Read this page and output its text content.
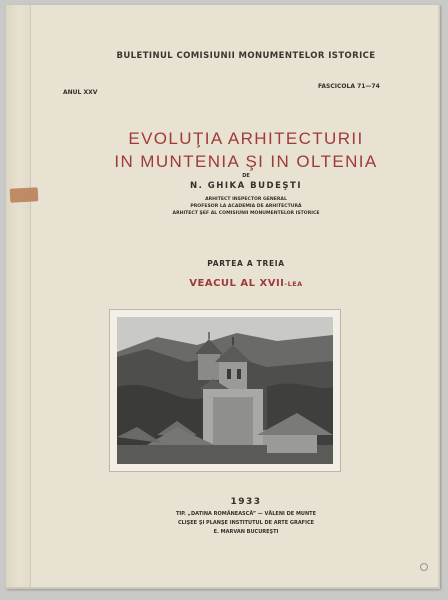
BULETINUL COMISIUNII MONUMENTELOR ISTORICE
ANUL XXV
FASCICOLA 71—74
EVOLUŢIA ARHITECTURII
IN MUNTENIA ŞI IN OLTENIA
DE
N. GHIKA BUDEŞTI
ARHITECT INSPECTOR GENERAL
PROFESOR LA ACADEMIA DE ARHITECTURĂ
ARHITECT ŞEF AL COMISIUNII MONUMENTELOR ISTORICE
PARTEA A TREIA
VEACUL AL XVII-LEA
1933
TIP. „DATINA ROMÂNEASCĂ” — VĂLENI DE MUNTE
CLIŞEE ŞI PLANŞE INSTITUTUL DE ARTE GRAFICE
E. MARVAN BUCUREŞTI
